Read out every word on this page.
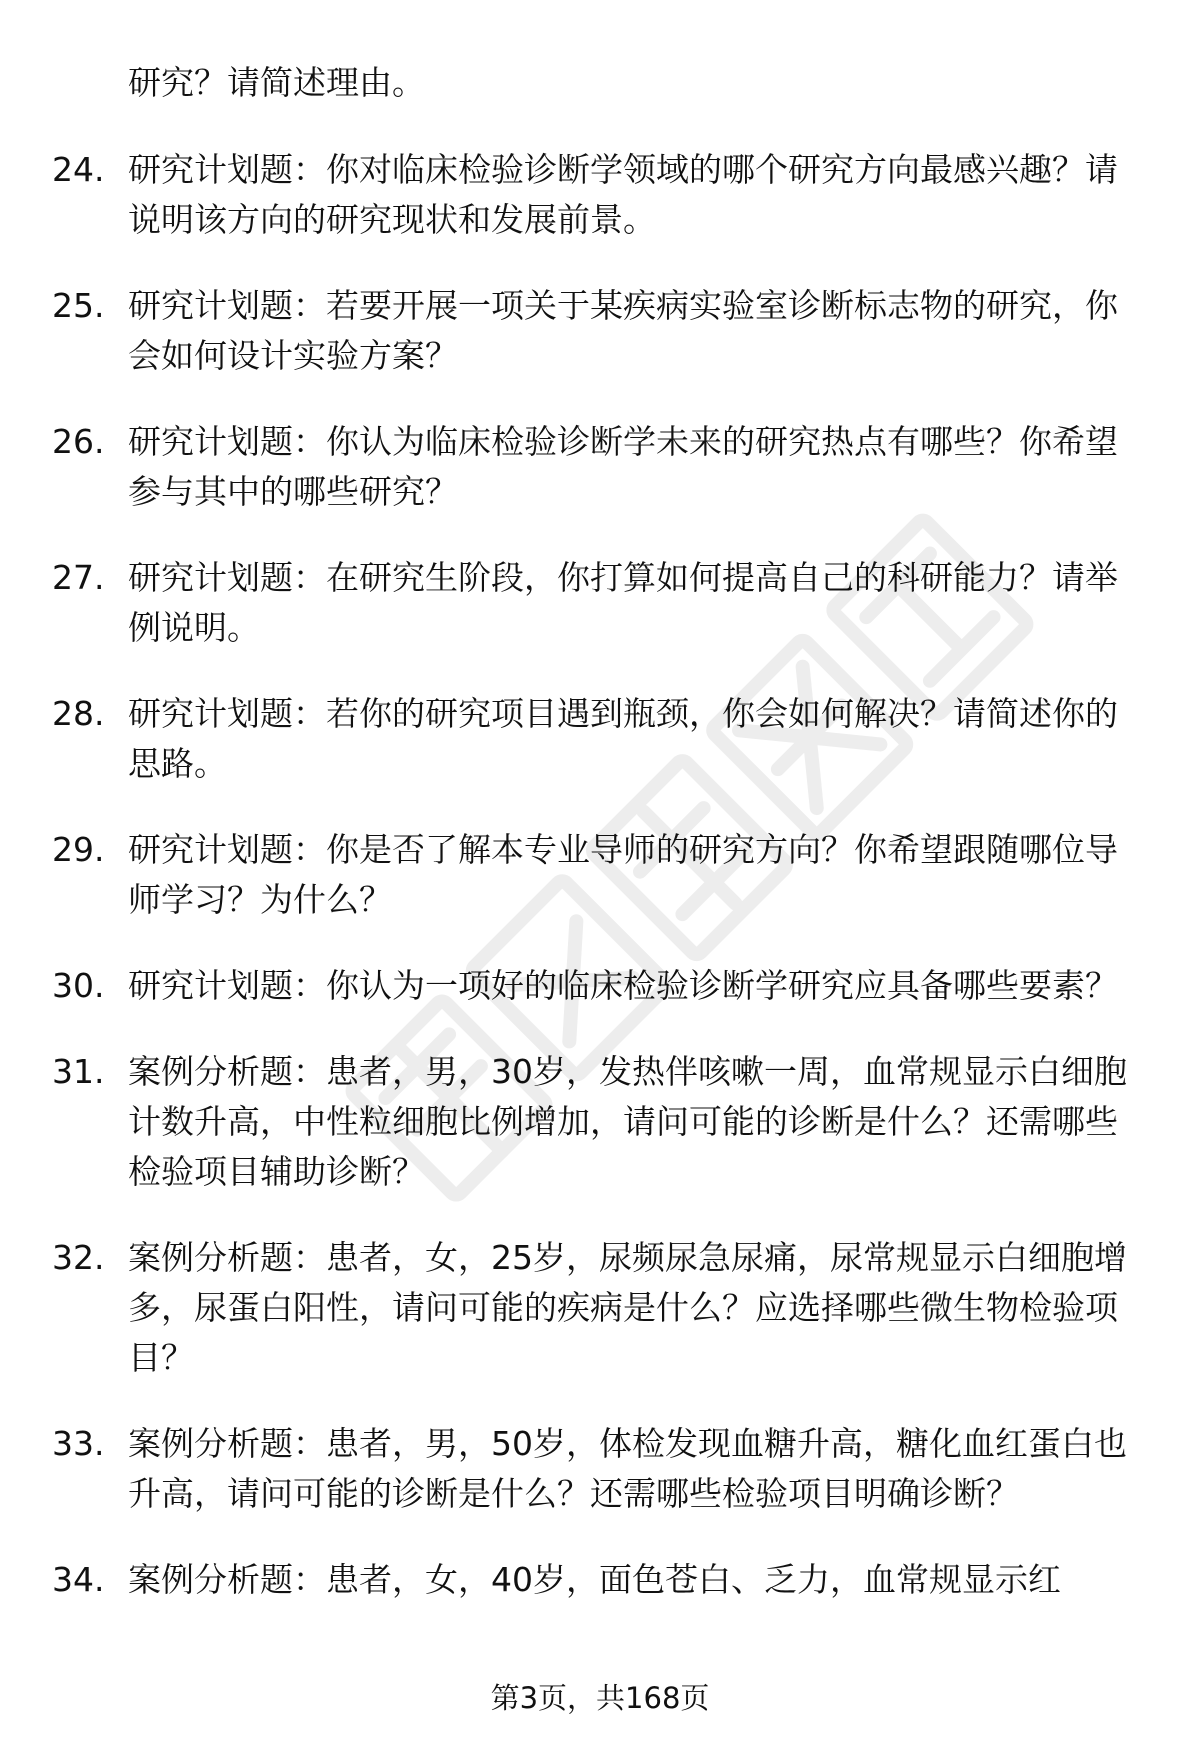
研究？请简述理由。

24. 研究计划题：你对临床检验诊断学领域的哪个研究方向最感兴趣？请说明该方向的研究现状和发展前景。
25. 研究计划题：若要开展一项关于某疾病实验室诊断标志物的研究，你会如何设计实验方案？
26. 研究计划题：你认为临床检验诊断学未来的研究热点有哪些？你希望参与其中的哪些研究？
27. 研究计划题：在研究生阶段，你打算如何提高自己的科研能力？请举例说明。
28. 研究计划题：若你的研究项目遇到瓶颈，你会如何解决？请简述你的思路。
29. 研究计划题：你是否了解本专业导师的研究方向？你希望跟随哪位导师学习？为什么？
30. 研究计划题：你认为一项好的临床检验诊断学研究应具备哪些要素？
31. 案例分析题：患者，男，30岁，发热伴咳嗽一周，血常规显示白细胞计数升高，中性粒细胞比例增加，请问可能的诊断是什么？还需哪些检验项目辅助诊断？
32. 案例分析题：患者，女，25岁，尿频尿急尿痛，尿常规显示白细胞增多，尿蛋白阳性，请问可能的疾病是什么？应选择哪些微生物检验项目？
33. 案例分析题：患者，男，50岁，体检发现血糖升高，糖化血红蛋白也升高，请问可能的诊断是什么？还需哪些检验项目明确诊断？
34. 案例分析题：患者，女，40岁，面色苍白、乏力，血常规显示红
第3页，共168页
